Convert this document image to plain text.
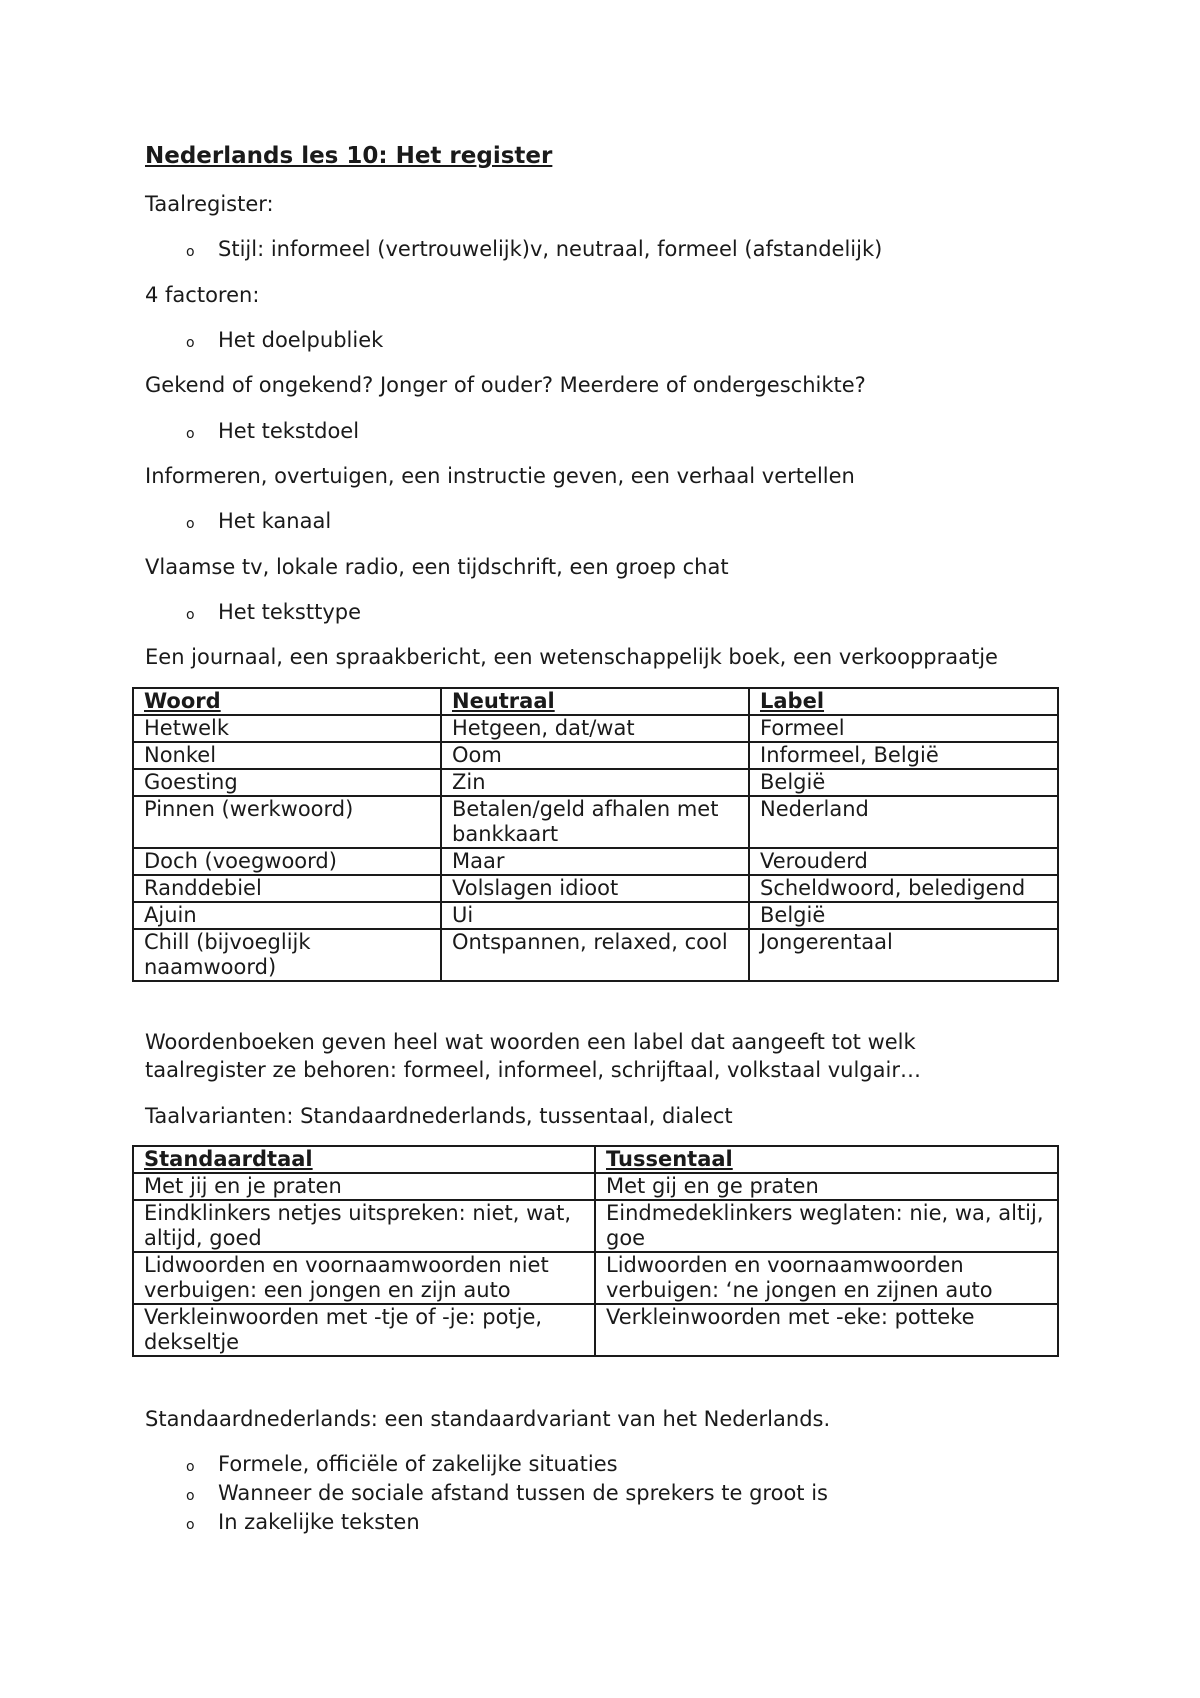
Nederlands les 10: Het register
Taalregister:
o Stijl: informeel (vertrouwelijk)v, neutraal, formeel (afstandelijk)
4 factoren:
o Het doelpubliek
Gekend of ongekend? Jonger of ouder? Meerdere of ondergeschikte?
o Het tekstdoel
Informeren, overtuigen, een instructie geven, een verhaal vertellen
o Het kanaal
Vlaamse tv, lokale radio, een tijdschrift, een groep chat
o Het teksttype
Een journaal, een spraakbericht, een wetenschappelijk boek, een verkooppraatje
Woord	Neutraal	Label
Hetwelk	Hetgeen, dat/wat	Formeel
Nonkel	Oom	Informeel, België
Goesting	Zin	België
Pinnen (werkwoord)	Betalen/geld afhalen met bankkaart	Nederland
Doch (voegwoord)	Maar	Verouderd
Randdebiel	Volslagen idioot	Scheldwoord, beledigend
Ajuin	Ui	België
Chill (bijvoeglijk naamwoord)	Ontspannen, relaxed, cool	Jongerentaal
Woordenboeken geven heel wat woorden een label dat aangeeft tot welk taalregister ze behoren: formeel, informeel, schrijftaal, volkstaal vulgair…
Taalvarianten: Standaardnederlands, tussentaal, dialect
Standaardtaal	Tussentaal
Met jij en je praten	Met gij en ge praten
Eindklinkers netjes uitspreken: niet, wat, altijd, goed	Eindmedeklinkers weglaten: nie, wa, altij, goe
Lidwoorden en voornaamwoorden niet verbuigen: een jongen en zijn auto	Lidwoorden en voornaamwoorden verbuigen: ‘ne jongen en zijnen auto
Verkleinwoorden met -tje of -je: potje, dekseltje	Verkleinwoorden met -eke: potteke
Standaardnederlands: een standaardvariant van het Nederlands.
o Formele, officiële of zakelijke situaties
o Wanneer de sociale afstand tussen de sprekers te groot is
o In zakelijke teksten
